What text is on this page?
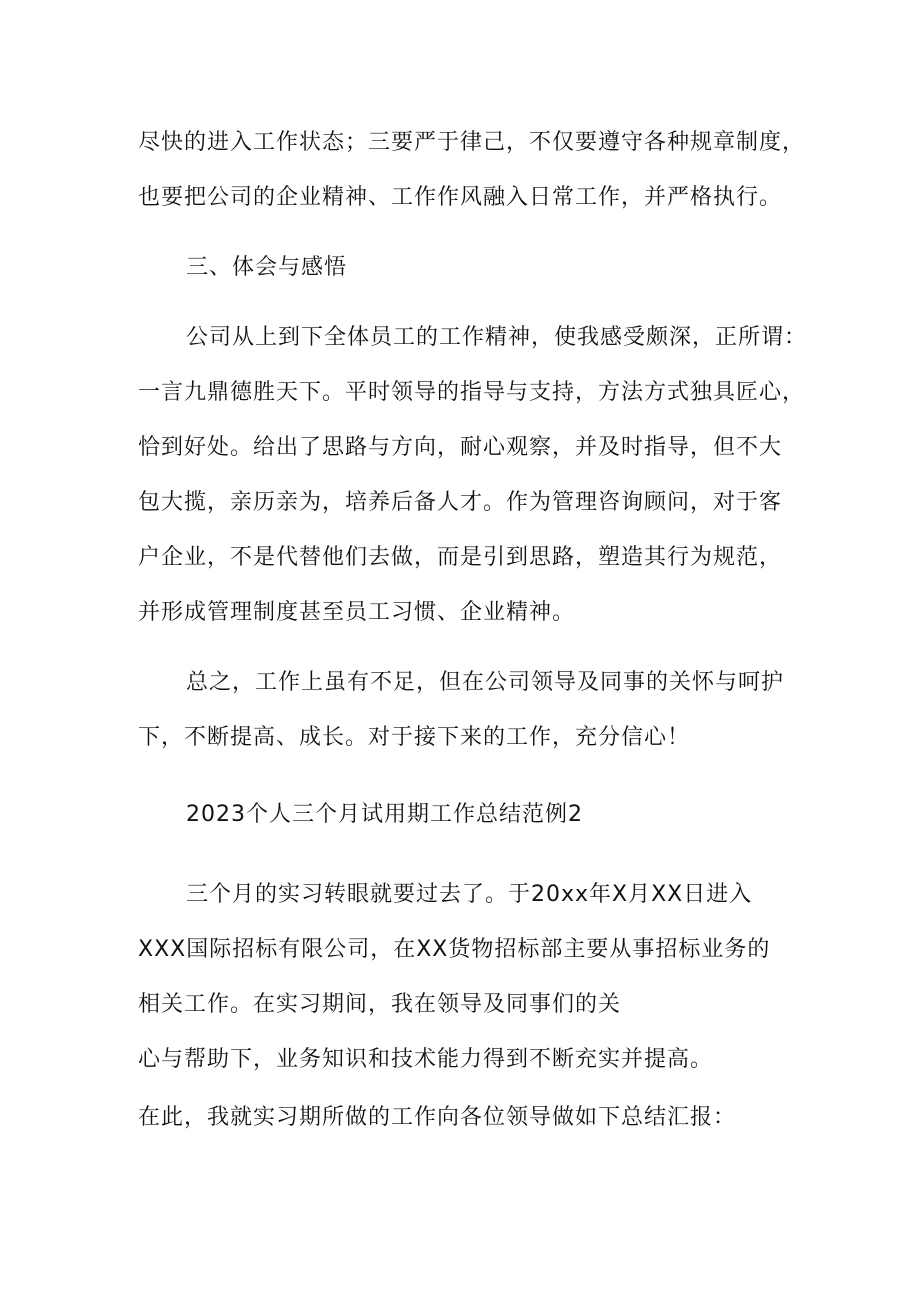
尽快的进入工作状态；三要严于律己，不仅要遵守各种规章制度，
也要把公司的企业精神、工作作风融入日常工作，并严格执行。
三、体会与感悟
公司从上到下全体员工的工作精神，使我感受颇深，正所谓：
一言九鼎德胜天下。平时领导的指导与支持，方法方式独具匠心，
恰到好处。给出了思路与方向，耐心观察，并及时指导，但不大
包大揽，亲历亲为，培养后备人才。作为管理咨询顾问，对于客
户企业，不是代替他们去做，而是引到思路，塑造其行为规范，
并形成管理制度甚至员工习惯、企业精神。
总之，工作上虽有不足，但在公司领导及同事的关怀与呵护
下，不断提高、成长。对于接下来的工作，充分信心！
2023个人三个月试用期工作总结范例2
三个月的实习转眼就要过去了。于20xx年X月XX日进入
XXX国际招标有限公司，在XX货物招标部主要从事招标业务的
相关工作。在实习期间，我在领导及同事们的关
心与帮助下，业务知识和技术能力得到不断充实并提高。
在此，我就实习期所做的工作向各位领导做如下总结汇报：
